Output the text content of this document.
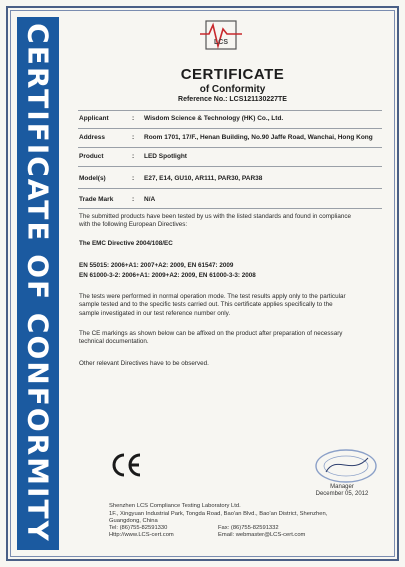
CERTIFICATE OF CONFORMITY	LCS
CERTIFICATE
of Conformity
Reference No.: LCS121130227TE
Applicant	: Wisdom Science & Technology (HK) Co., Ltd.
Address	: Room 1701, 17/F., Henan Building, No.90 Jaffe Road, Wanchai, Hong Kong
Product	: LED Spotlight
Model(s)	: E27, E14, GU10, AR111, PAR30, PAR38
Trade Mark	: N/A
The submitted products have been tested by us with the listed standards and found in compliance
with the following European Directives:
The EMC Directive 2004/108/EC
EN 55015: 2006+A1: 2007+A2: 2009, EN 61547: 2009
EN 61000-3-2: 2006+A1: 2009+A2: 2009, EN 61000-3-3: 2008
The tests were performed in normal operation mode. The test results apply only to the particular
sample tested and to the specific tests carried out. This certificate applies specifically to the
sample investigated in our test reference number only.
The CE markings as shown below can be affixed on the product after preparation of necessary
technical documentation.
Other relevant Directives have to be observed.
Manager
December 05, 2012
Shenzhen LCS Compliance Testing Laboratory Ltd.
1F., Xingyuan Industrial Park, Tongda Road, Bao'an Blvd., Bao'an District, Shenzhen,
Guangdong, China
Tel: (86)755-82591330	Fax: (86)755-82591332
Http://www.LCS-cert.com	Email: webmaster@LCS-cert.com
